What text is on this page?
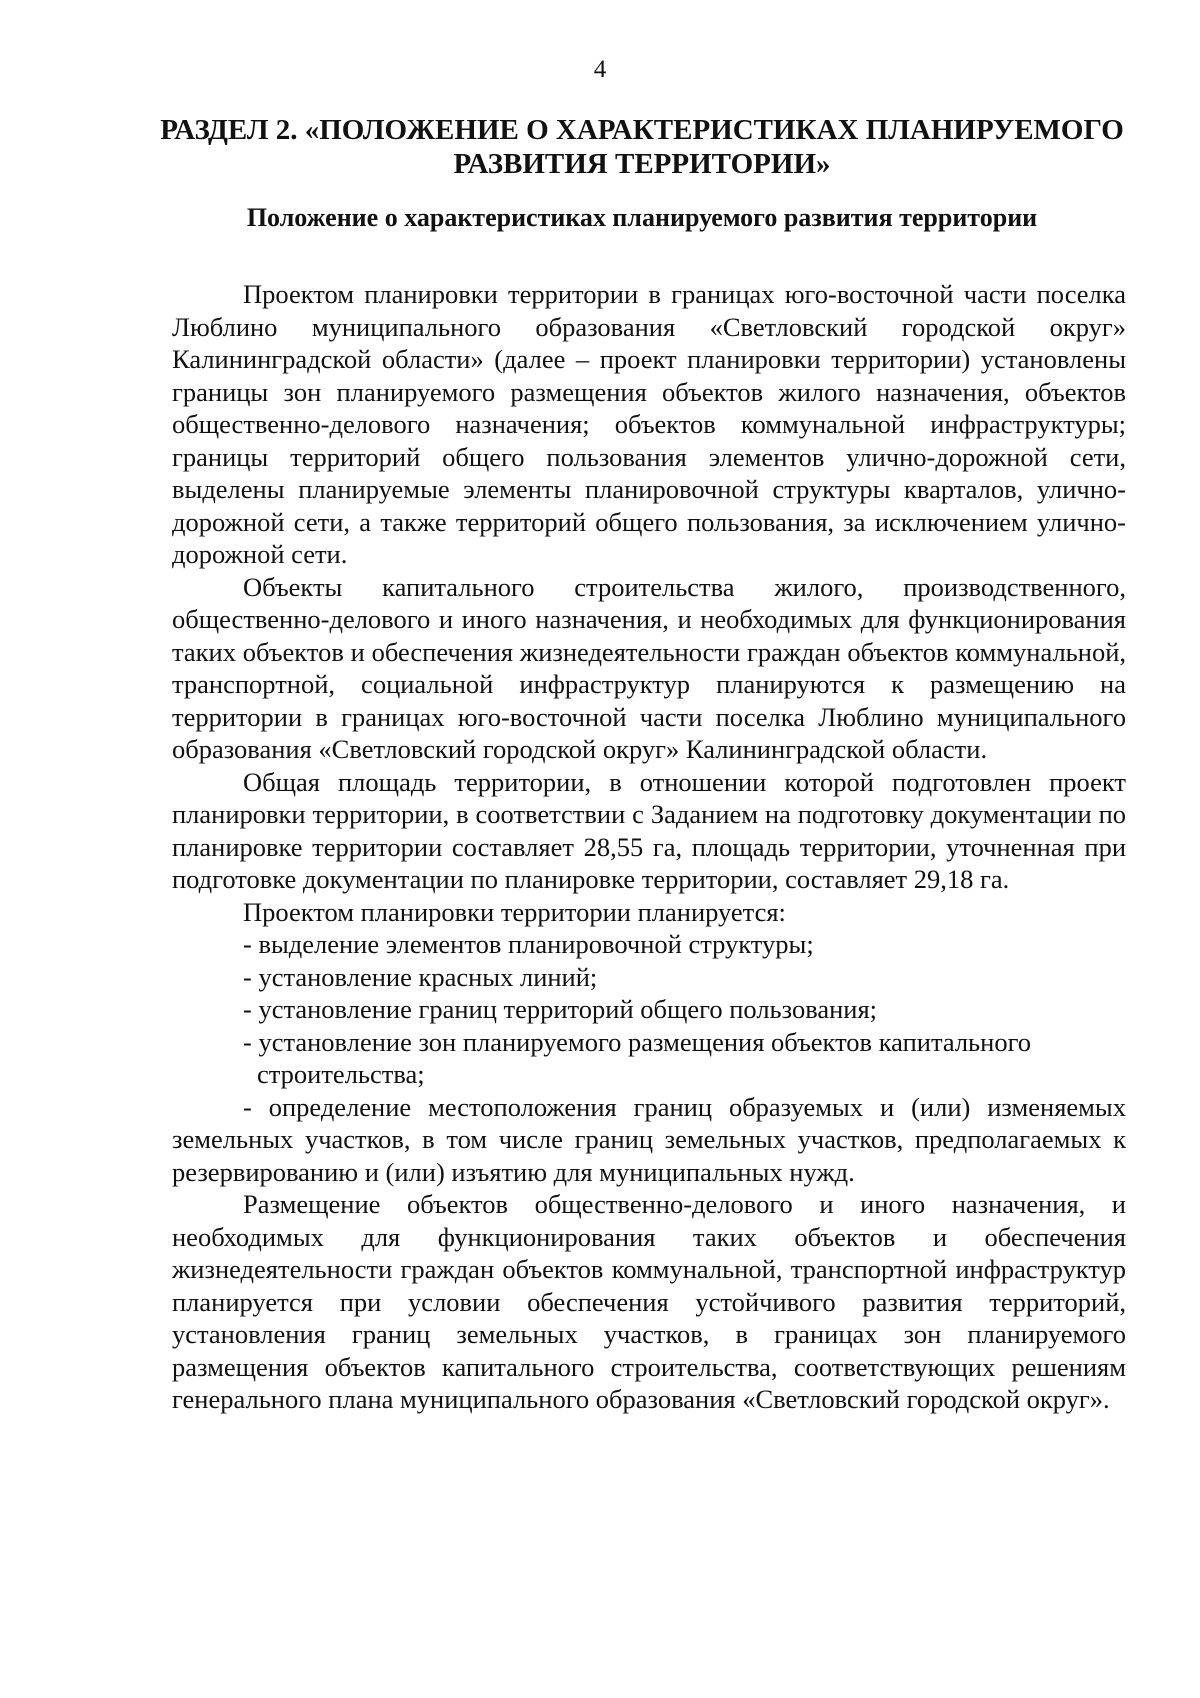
4
РАЗДЕЛ 2. «ПОЛОЖЕНИЕ О ХАРАКТЕРИСТИКАХ ПЛАНИРУЕМОГО
РАЗВИТИЯ ТЕРРИТОРИИ»
Положение о характеристиках планируемого развития территории

Проектом планировки территории в границах юго-восточной части поселка Люблино муниципального образования «Светловский городской округ» Калининградской области» (далее – проект планировки территории) установлены границы зон планируемого размещения объектов жилого назначения, объектов общественно-делового назначения; объектов коммунальной инфраструктуры; границы территорий общего пользования элементов улично-дорожной сети, выделены планируемые элементы планировочной структуры кварталов, улично-дорожной сети, а также территорий общего пользования, за исключением улично-дорожной сети.

Объекты капитального строительства жилого, производственного, общественно-делового и иного назначения, и необходимых для функционирования таких объектов и обеспечения жизнедеятельности граждан объектов коммунальной, транспортной, социальной инфраструктур планируются к размещению на территории в границах юго-восточной части поселка Люблино муниципального образования «Светловский городской округ» Калининградской области.

Общая площадь территории, в отношении которой подготовлен проект планировки территории, в соответствии с Заданием на подготовку документации по планировке территории составляет 28,55 га, площадь территории, уточненная при подготовке документации по планировке территории, составляет 29,18 га.

Проектом планировки территории планируется:

- выделение элементов планировочной структуры;

- установление красных линий;

- установление границ территорий общего пользования;

- установление зон планируемого размещения объектов капитального

строительства;

- определение местоположения границ образуемых и (или) изменяемых земельных участков, в том числе границ земельных участков, предполагаемых к резервированию и (или) изъятию для муниципальных нужд.

Размещение объектов общественно-делового и иного назначения, и необходимых для функционирования таких объектов и обеспечения жизнедеятельности граждан объектов коммунальной, транспортной инфраструктур планируется при условии обеспечения устойчивого развития территорий, установления границ земельных участков, в границах зон планируемого размещения объектов капитального строительства, соответствующих решениям генерального плана муниципального образования «Светловский городской округ».
